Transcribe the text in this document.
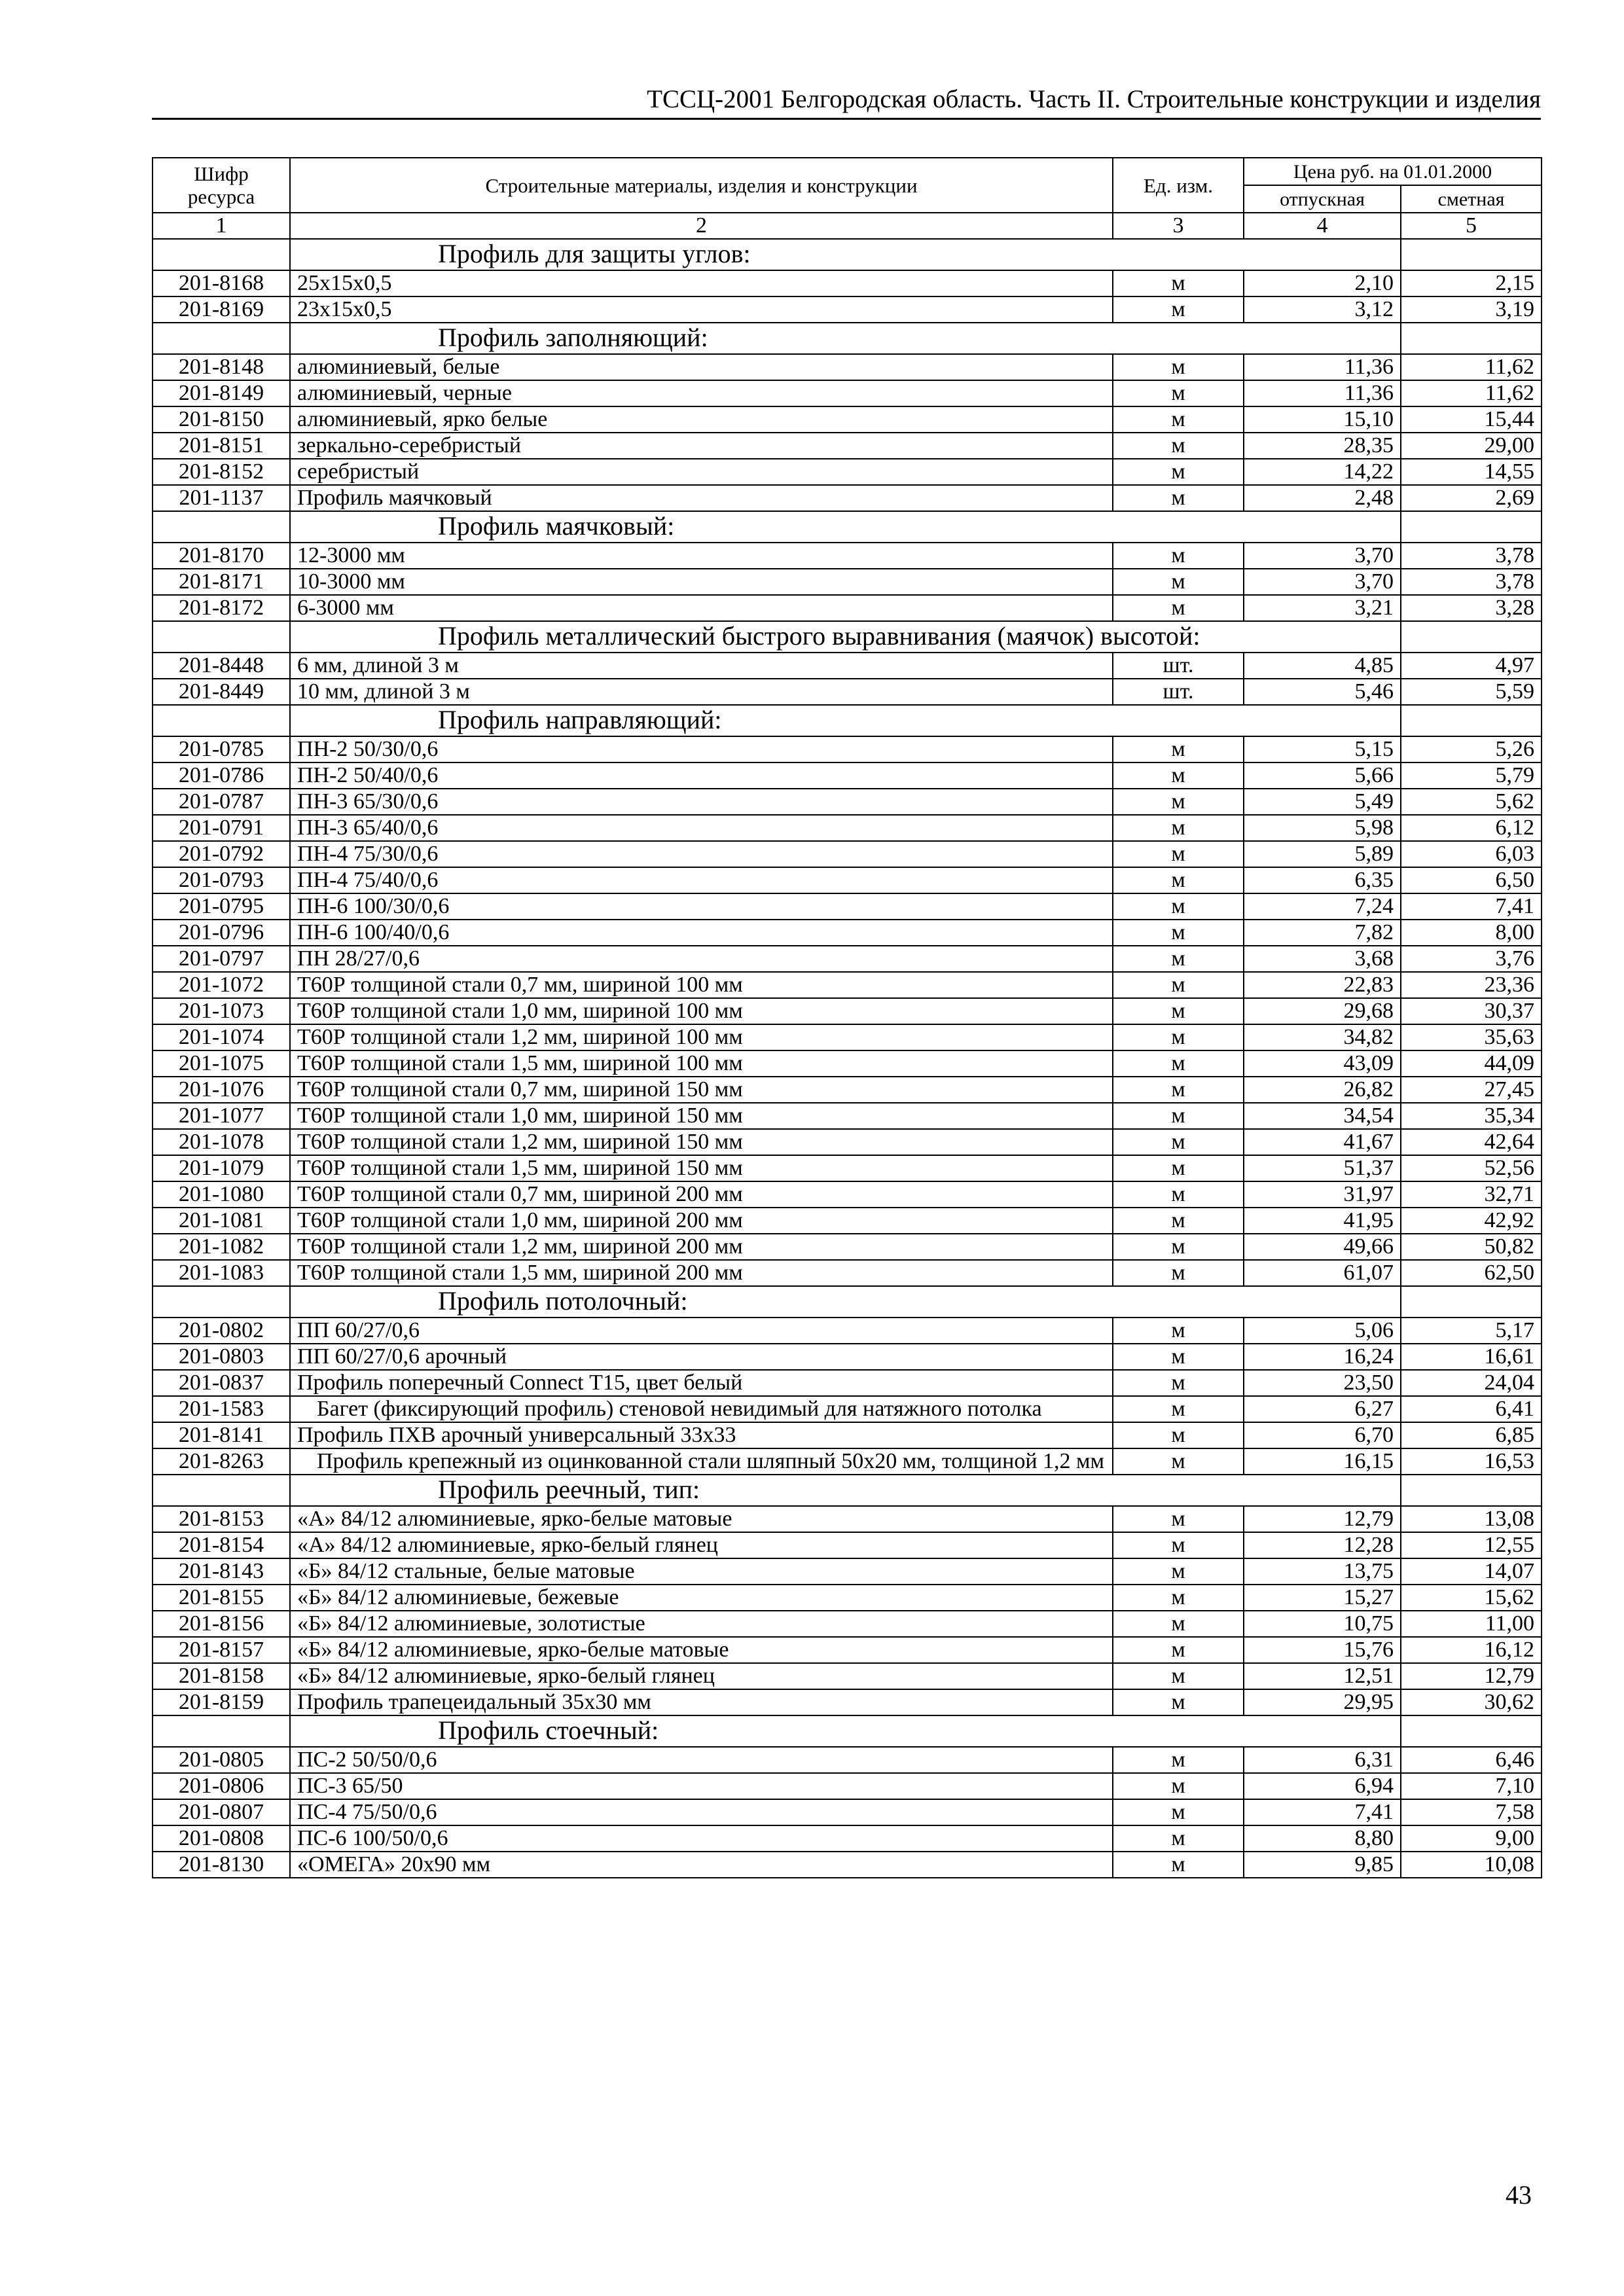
ТССЦ-2001 Белгородская область. Часть II. Строительные конструкции и изделия
Шифр ресурса	Строительные материалы, изделия и конструкции	Ед. изм.	Цена руб. на 01.01.2000	
			отпускная	сметная
1	2	3	4	5
	Профиль для защиты углов:			
201-8168	25х15х0,5	м	2,10	2,15
201-8169	23х15х0,5	м	3,12	3,19
	Профиль заполняющий:			
201-8148	алюминиевый, белые	м	11,36	11,62
201-8149	алюминиевый, черные	м	11,36	11,62
201-8150	алюминиевый, ярко белые	м	15,10	15,44
201-8151	зеркально-серебристый	м	28,35	29,00
201-8152	серебристый	м	14,22	14,55
201-1137	Профиль маячковый	м	2,48	2,69
	Профиль маячковый:			
201-8170	12-3000 мм	м	3,70	3,78
201-8171	10-3000 мм	м	3,70	3,78
201-8172	6-3000 мм	м	3,21	3,28
	Профиль металлический быстрого выравнивания (маячок) высотой:			
201-8448	6 мм, длиной 3 м	шт.	4,85	4,97
201-8449	10 мм, длиной 3 м	шт.	5,46	5,59
	Профиль направляющий:			
201-0785	ПН-2 50/30/0,6	м	5,15	5,26
201-0786	ПН-2 50/40/0,6	м	5,66	5,79
201-0787	ПН-3 65/30/0,6	м	5,49	5,62
201-0791	ПН-3 65/40/0,6	м	5,98	6,12
201-0792	ПН-4 75/30/0,6	м	5,89	6,03
201-0793	ПН-4 75/40/0,6	м	6,35	6,50
201-0795	ПН-6 100/30/0,6	м	7,24	7,41
201-0796	ПН-6 100/40/0,6	м	7,82	8,00
201-0797	ПН 28/27/0,6	м	3,68	3,76
201-1072	Т60Р толщиной стали 0,7 мм, шириной 100 мм	м	22,83	23,36
201-1073	Т60Р толщиной стали 1,0 мм, шириной 100 мм	м	29,68	30,37
201-1074	Т60Р толщиной стали 1,2 мм, шириной 100 мм	м	34,82	35,63
201-1075	Т60Р толщиной стали 1,5 мм, шириной 100 мм	м	43,09	44,09
201-1076	Т60Р толщиной стали 0,7 мм, шириной 150 мм	м	26,82	27,45
201-1077	Т60Р толщиной стали 1,0 мм, шириной 150 мм	м	34,54	35,34
201-1078	Т60Р толщиной стали 1,2 мм, шириной 150 мм	м	41,67	42,64
201-1079	Т60Р толщиной стали 1,5 мм, шириной 150 мм	м	51,37	52,56
201-1080	Т60Р толщиной стали 0,7 мм, шириной 200 мм	м	31,97	32,71
201-1081	Т60Р толщиной стали 1,0 мм, шириной 200 мм	м	41,95	42,92
201-1082	Т60Р толщиной стали 1,2 мм, шириной 200 мм	м	49,66	50,82
201-1083	Т60Р толщиной стали 1,5 мм, шириной 200 мм	м	61,07	62,50
	Профиль потолочный:			
201-0802	ПП 60/27/0,6	м	5,06	5,17
201-0803	ПП 60/27/0,6 арочный	м	16,24	16,61
201-0837	Профиль поперечный Connect Т15, цвет белый	м	23,50	24,04
201-1583	Багет (фиксирующий профиль) стеновой невидимый для натяжного потолка	м	6,27	6,41
201-8141	Профиль ПХВ арочный универсальный 33х33	м	6,70	6,85
201-8263	Профиль крепежный из оцинкованной стали шляпный 50х20 мм, толщиной 1,2 мм	м	16,15	16,53
	Профиль реечный, тип:			
201-8153	«А» 84/12 алюминиевые, ярко-белые матовые	м	12,79	13,08
201-8154	«А» 84/12 алюминиевые, ярко-белый глянец	м	12,28	12,55
201-8143	«Б» 84/12 стальные, белые матовые	м	13,75	14,07
201-8155	«Б» 84/12 алюминиевые, бежевые	м	15,27	15,62
201-8156	«Б» 84/12 алюминиевые, золотистые	м	10,75	11,00
201-8157	«Б» 84/12 алюминиевые, ярко-белые матовые	м	15,76	16,12
201-8158	«Б» 84/12 алюминиевые, ярко-белый глянец	м	12,51	12,79
201-8159	Профиль трапецеидальный 35х30 мм	м	29,95	30,62
	Профиль стоечный:			
201-0805	ПС-2 50/50/0,6	м	6,31	6,46
201-0806	ПС-3 65/50	м	6,94	7,10
201-0807	ПС-4 75/50/0,6	м	7,41	7,58
201-0808	ПС-6 100/50/0,6	м	8,80	9,00
201-8130	«ОМЕГА» 20х90 мм	м	9,85	10,08
43
